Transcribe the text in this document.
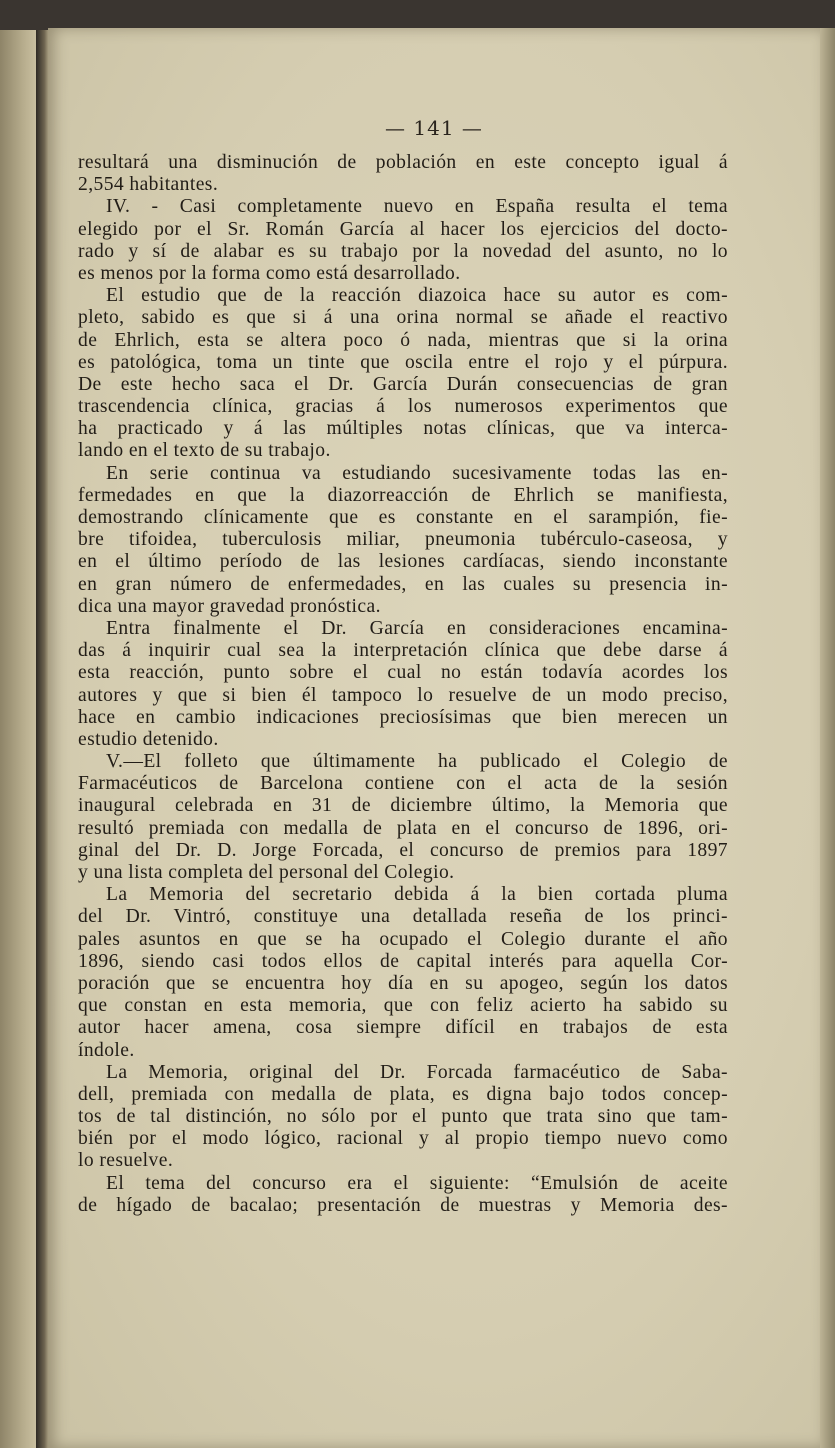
— 141 —
resultará una disminución de población en este concepto igual á
2,554 habitantes.
IV. - Casi completamente nuevo en España resulta el tema
elegido por el Sr. Román García al hacer los ejercicios del docto-
rado y sí de alabar es su trabajo por la novedad del asunto, no lo
es menos por la forma como está desarrollado.
El estudio que de la reacción diazoica hace su autor es com-
pleto, sabido es que si á una orina normal se añade el reactivo
de Ehrlich, esta se altera poco ó nada, mientras que si la orina
es patológica, toma un tinte que oscila entre el rojo y el púrpura.
De este hecho saca el Dr. García Durán consecuencias de gran
trascendencia clínica, gracias á los numerosos experimentos que
ha practicado y á las múltiples notas clínicas, que va interca-
lando en el texto de su trabajo.
En serie continua va estudiando sucesivamente todas las en-
fermedades en que la diazorreacción de Ehrlich se manifiesta,
demostrando clínicamente que es constante en el sarampión, fie-
bre tifoidea, tuberculosis miliar, pneumonia tubérculo-caseosa, y
en el último período de las lesiones cardíacas, siendo inconstante
en gran número de enfermedades, en las cuales su presencia in-
dica una mayor gravedad pronóstica.
Entra finalmente el Dr. García en consideraciones encamina-
das á inquirir cual sea la interpretación clínica que debe darse á
esta reacción, punto sobre el cual no están todavía acordes los
autores y que si bien él tampoco lo resuelve de un modo preciso,
hace en cambio indicaciones preciosísimas que bien merecen un
estudio detenido.
V.—El folleto que últimamente ha publicado el Colegio de
Farmacéuticos de Barcelona contiene con el acta de la sesión
inaugural celebrada en 31 de diciembre último, la Memoria que
resultó premiada con medalla de plata en el concurso de 1896, ori-
ginal del Dr. D. Jorge Forcada, el concurso de premios para 1897
y una lista completa del personal del Colegio.
La Memoria del secretario debida á la bien cortada pluma
del Dr. Vintró, constituye una detallada reseña de los princi-
pales asuntos en que se ha ocupado el Colegio durante el año
1896, siendo casi todos ellos de capital interés para aquella Cor-
poración que se encuentra hoy día en su apogeo, según los datos
que constan en esta memoria, que con feliz acierto ha sabido su
autor hacer amena, cosa siempre difícil en trabajos de esta
índole.
La Memoria, original del Dr. Forcada farmacéutico de Saba-
dell, premiada con medalla de plata, es digna bajo todos concep-
tos de tal distinción, no sólo por el punto que trata sino que tam-
bién por el modo lógico, racional y al propio tiempo nuevo como
lo resuelve.
El tema del concurso era el siguiente: “Emulsión de aceite
de hígado de bacalao; presentación de muestras y Memoria des-
